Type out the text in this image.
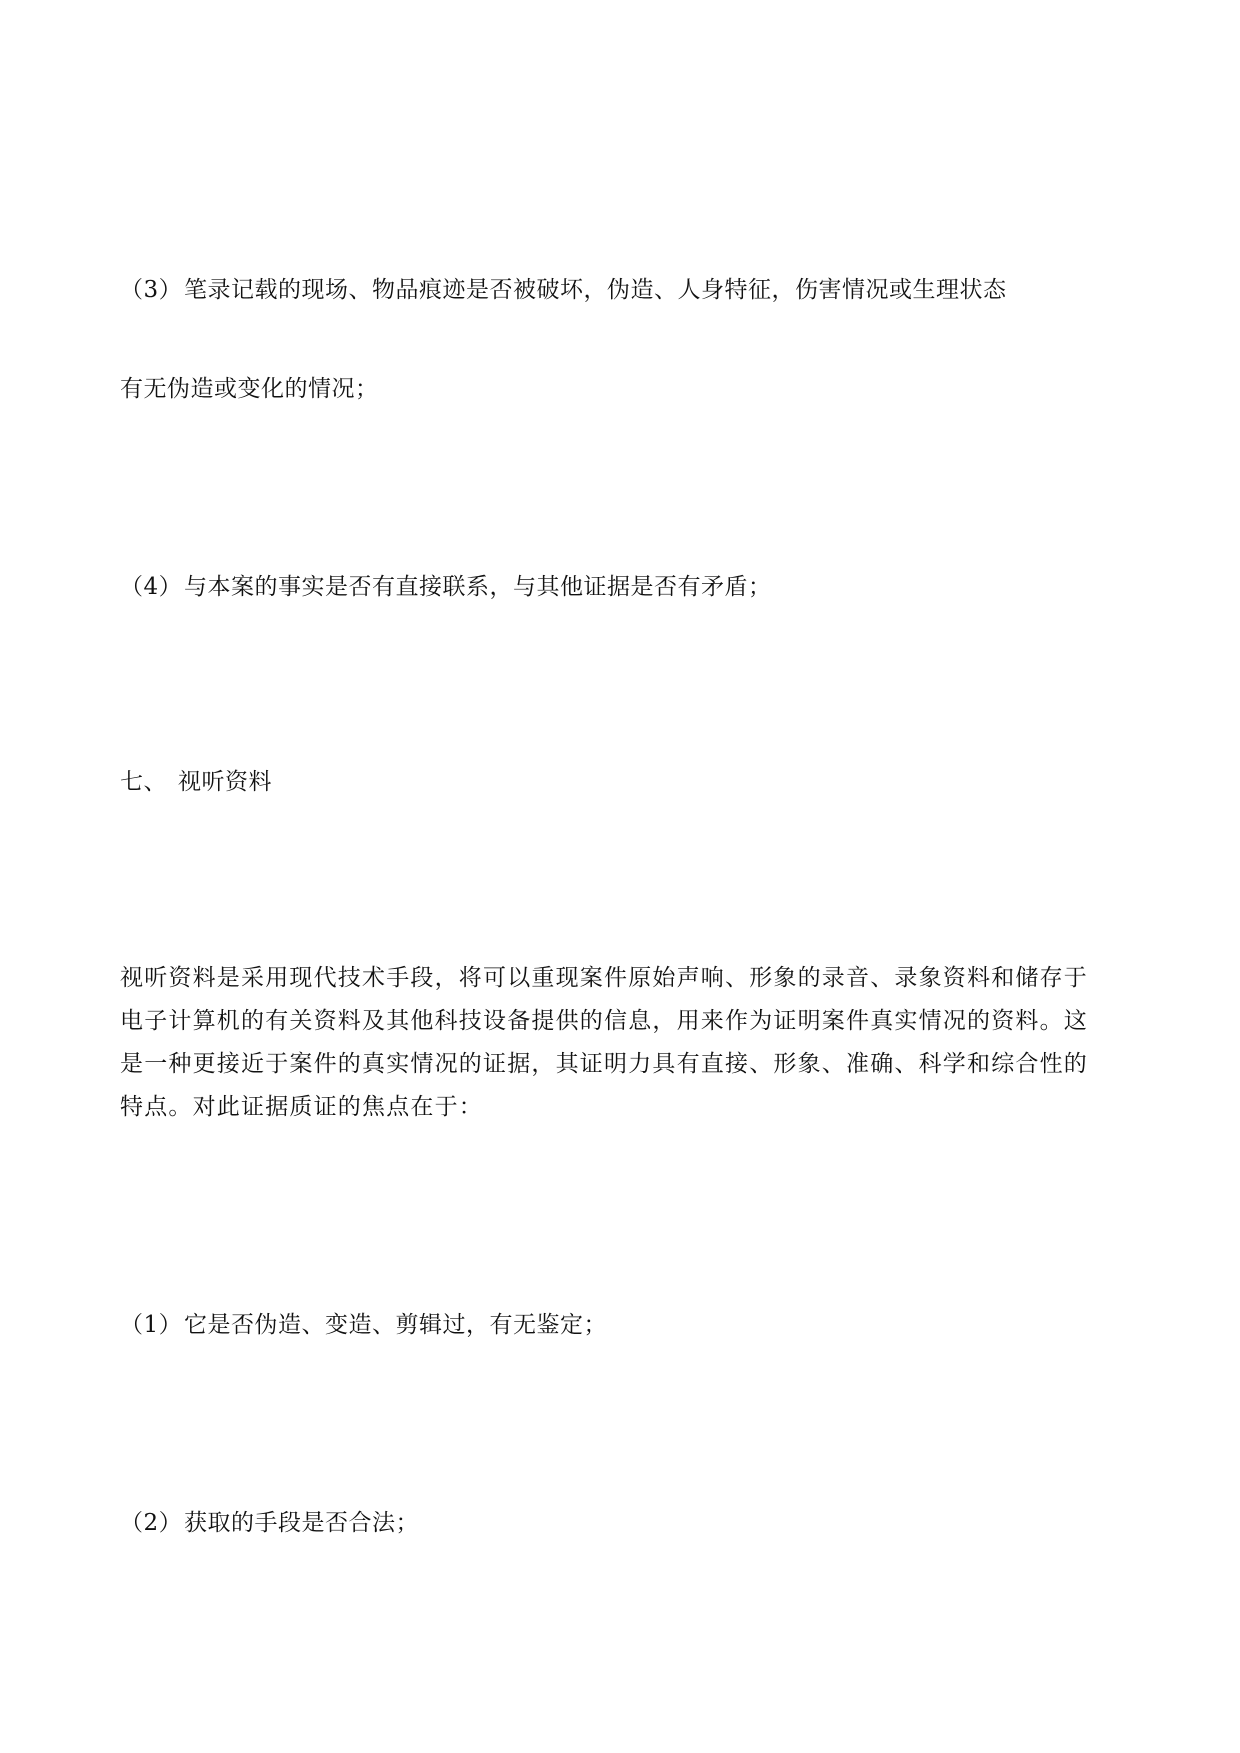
（3）笔录记载的现场、物品痕迹是否被破坏，伪造、人身特征，伤害情况或生理状态
有无伪造或变化的情况；
（4）与本案的事实是否有直接联系，与其他证据是否有矛盾；
七、 视听资料
视听资料是采用现代技术手段，将可以重现案件原始声响、形象的录音、录象资料和储存于
电子计算机的有关资料及其他科技设备提供的信息，用来作为证明案件真实情况的资料。这
是一种更接近于案件的真实情况的证据，其证明力具有直接、形象、准确、科学和综合性的
特点。对此证据质证的焦点在于：
（1）它是否伪造、变造、剪辑过，有无鉴定；
（2）获取的手段是否合法；
